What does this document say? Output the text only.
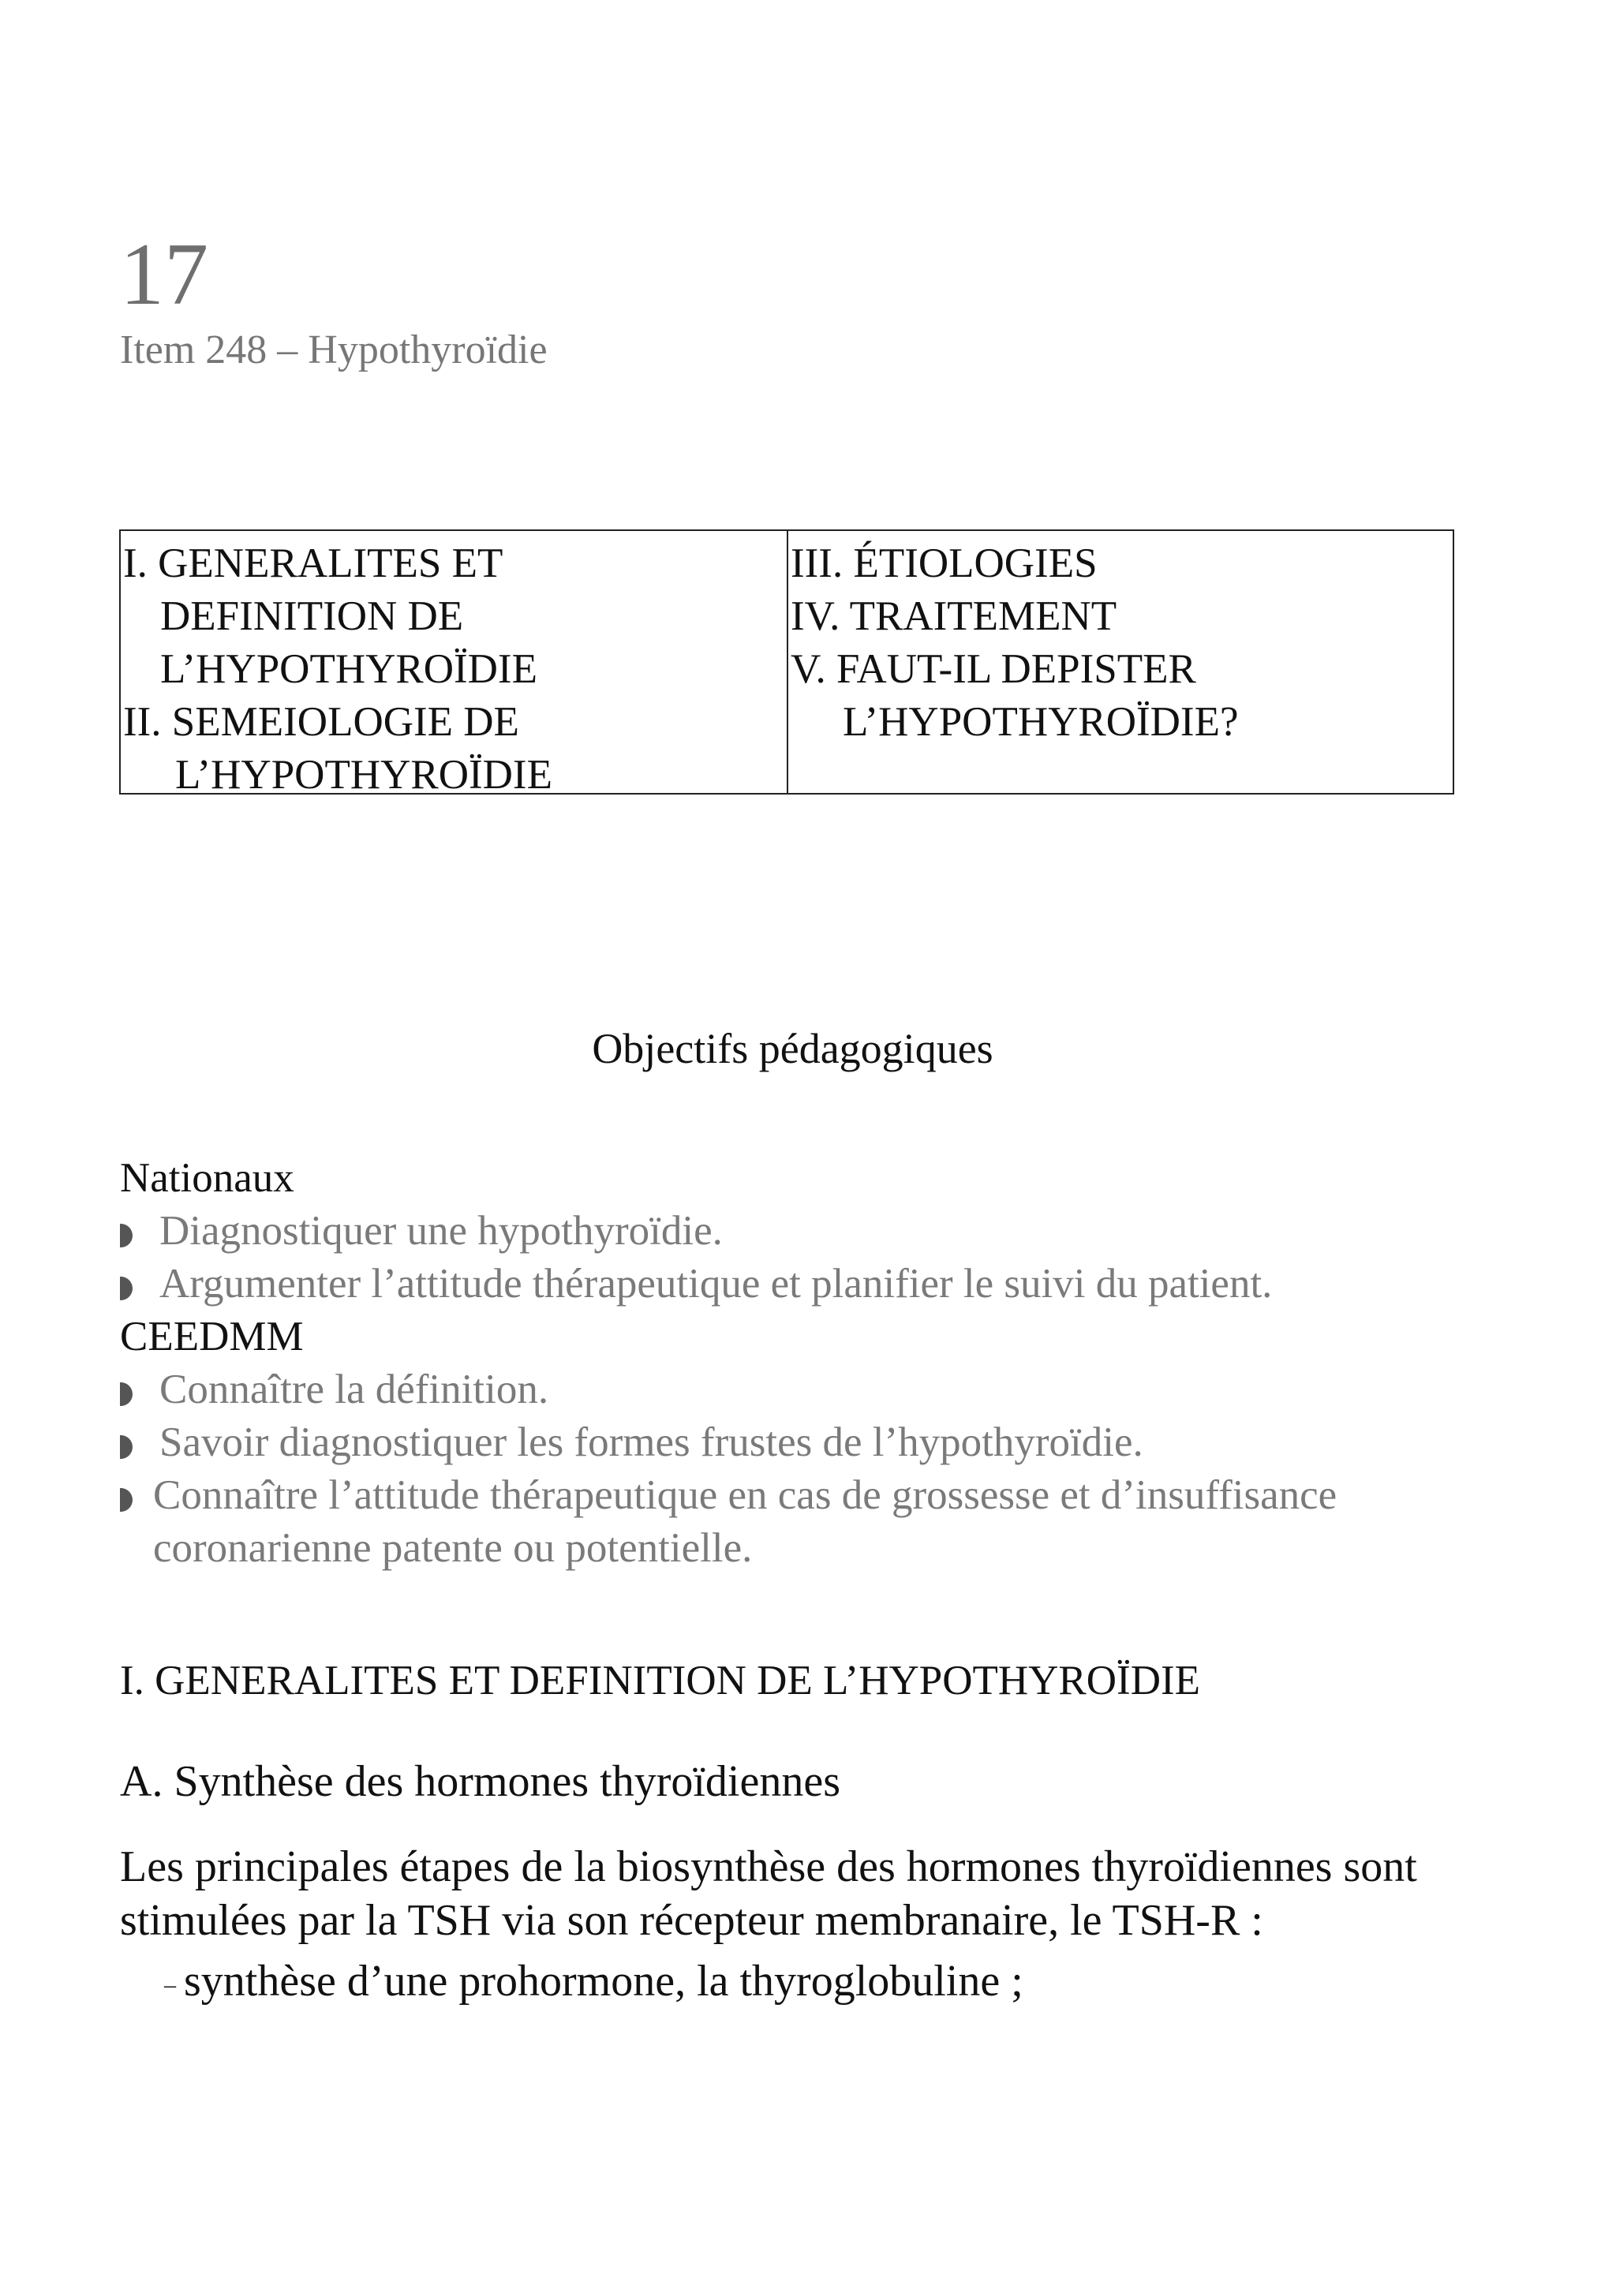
17
Item 248 – Hypothyroïdie
I. GENERALITES ET
DEFINITION DE
L’HYPOTHYROÏDIE
II. SEMEIOLOGIE DE
L’HYPOTHYROÏDIE
III. ÉTIOLOGIES
IV. TRAITEMENT
V. FAUT-IL DEPISTER
L’HYPOTHYROÏDIE?
Objectifs pédagogiques
Nationaux
Diagnostiquer une hypothyroïdie.
Argumenter l’attitude thérapeutique et planifier le suivi du patient.
CEEDMM
Connaître la définition.
Savoir diagnostiquer les formes frustes de l’hypothyroïdie.
Connaître l’attitude thérapeutique en cas de grossesse et d’insuffisance coronarienne patente ou potentielle.
I. GENERALITES ET DEFINITION DE L’HYPOTHYROÏDIE
A. Synthèse des hormones thyroïdiennes
Les principales étapes de la biosynthèse des hormones thyroïdiennes sont stimulées par la TSH via son récepteur membranaire, le TSH-R :
– synthèse d’une prohormone, la thyroglobuline ;
